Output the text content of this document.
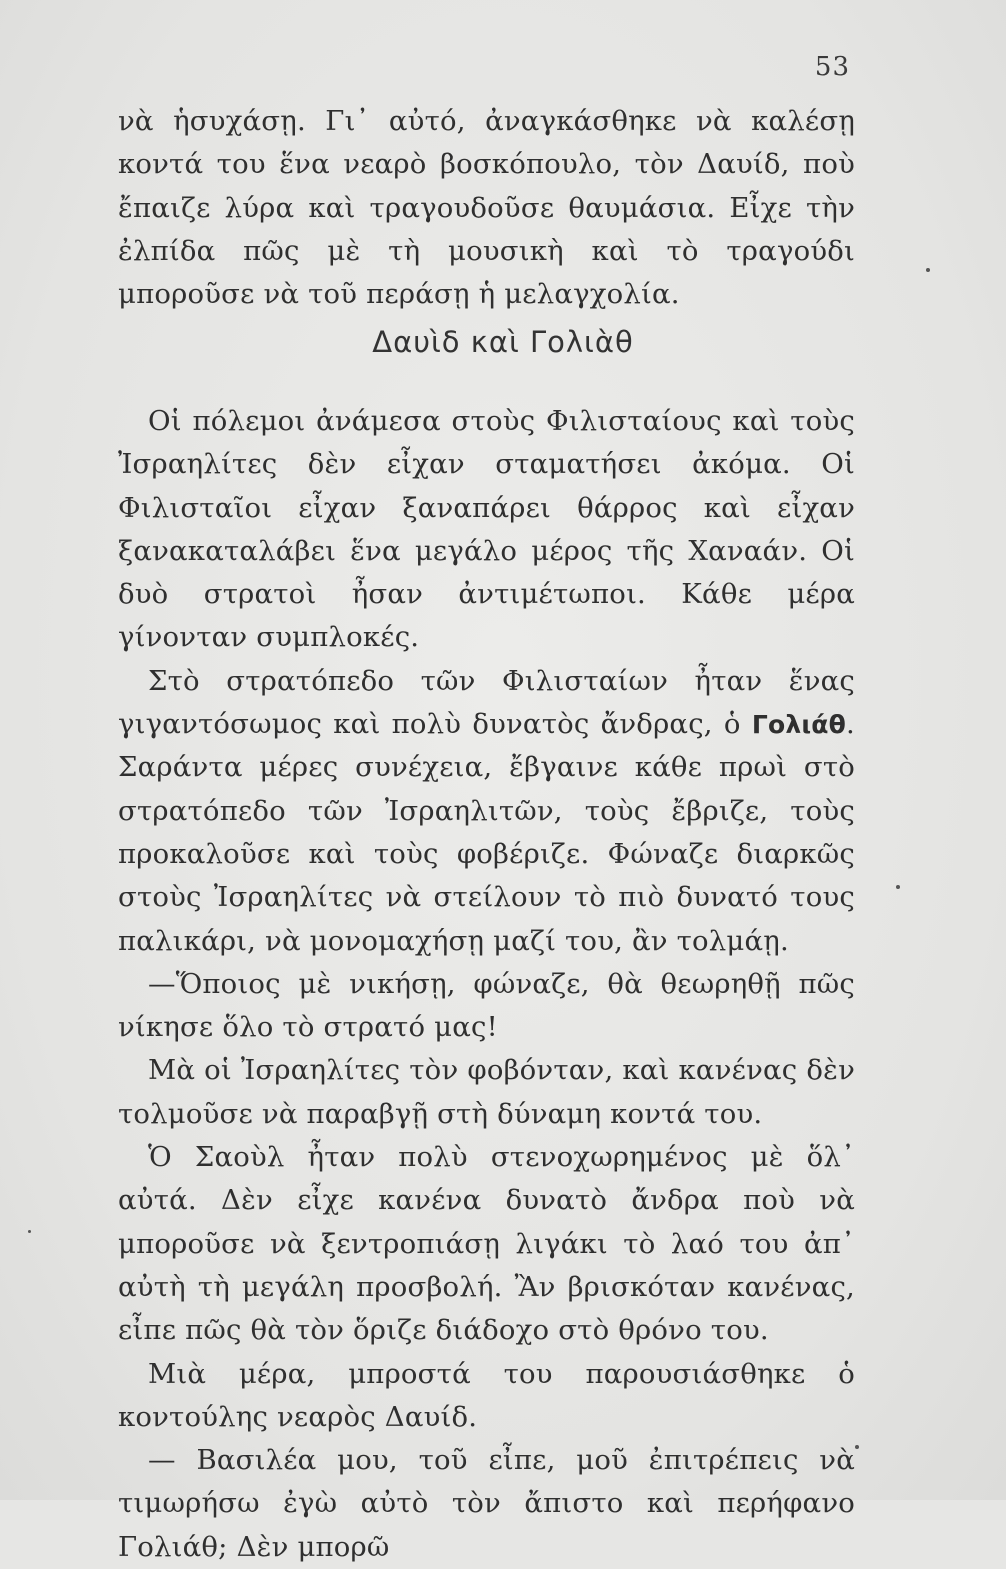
53

νὰ ἡσυχάσῃ. Γι᾽ αὐτό, ἀναγκάσθηκε νὰ καλέσῃ κοντά του ἕνα νεαρὸ βοσκόπουλο, τὸν Δαυίδ, ποὺ ἔπαιζε λύρα καὶ τραγουδοῦσε θαυμάσια. Εἶχε τὴν ἐλπίδα πῶς μὲ τὴ μουσικὴ καὶ τὸ τραγούδι μποροῦσε νὰ τοῦ περάσῃ ἡ μελαγχολία.

Δαυὶδ καὶ Γολιὰθ

Οἱ πόλεμοι ἀνάμεσα στοὺς Φιλισταίους καὶ τοὺς Ἰσραηλίτες δὲν εἶχαν σταματήσει ἀκόμα. Οἱ Φιλισταῖοι εἶχαν ξαναπάρει θάρρος καὶ εἶχαν ξανακαταλάβει ἕνα μεγάλο μέρος τῆς Χαναάν. Οἱ δυὸ στρατοὶ ἦσαν ἀντιμέτωποι. Κάθε μέρα γίνονταν συμπλοκές.

Στὸ στρατόπεδο τῶν Φιλισταίων ἦταν ἕνας γιγαντόσωμος καὶ πολὺ δυνατὸς ἄνδρας, ὁ Γολιάθ. Σαράντα μέρες συνέχεια, ἔβγαινε κάθε πρωὶ στὸ στρατόπεδο τῶν Ἰσραηλιτῶν, τοὺς ἔβριζε, τοὺς προκαλοῦσε καὶ τοὺς φοβέριζε. Φώναζε διαρκῶς στοὺς Ἰσραηλίτες νὰ στείλουν τὸ πιὸ δυνατό τους παλικάρι, νὰ μονομαχήσῃ μαζί του, ἂν τολμάῃ.

—Ὅποιος μὲ νικήσῃ, φώναζε, θὰ θεωρηθῇ πῶς νίκησε ὅλο τὸ στρατό μας!

Μὰ οἱ Ἰσραηλίτες τὸν φοβόνταν, καὶ κανένας δὲν τολμοῦσε νὰ παραβγῇ στὴ δύναμη κοντά του.

Ὁ Σαοὺλ ἦταν πολὺ στενοχωρημένος μὲ ὅλ᾽ αὐτά. Δὲν εἶχε κανένα δυνατὸ ἄνδρα ποὺ νὰ μποροῦσε νὰ ξεντροπιάσῃ λιγάκι τὸ λαό του ἀπ᾽ αὐτὴ τὴ μεγάλη προσβολή. Ἂν βρισκόταν κανένας, εἶπε πῶς θὰ τὸν ὅριζε διάδοχο στὸ θρόνο του.

Μιὰ μέρα, μπροστά του παρουσιάσθηκε ὁ κοντούλης νεαρὸς Δαυίδ.

— Βασιλέα μου, τοῦ εἶπε, μοῦ ἐπιτρέπεις νὰ τιμωρήσω ἐγὼ αὐτὸ τὸν ἄπιστο καὶ περήφανο Γολιάθ; Δὲν μπορῶ
